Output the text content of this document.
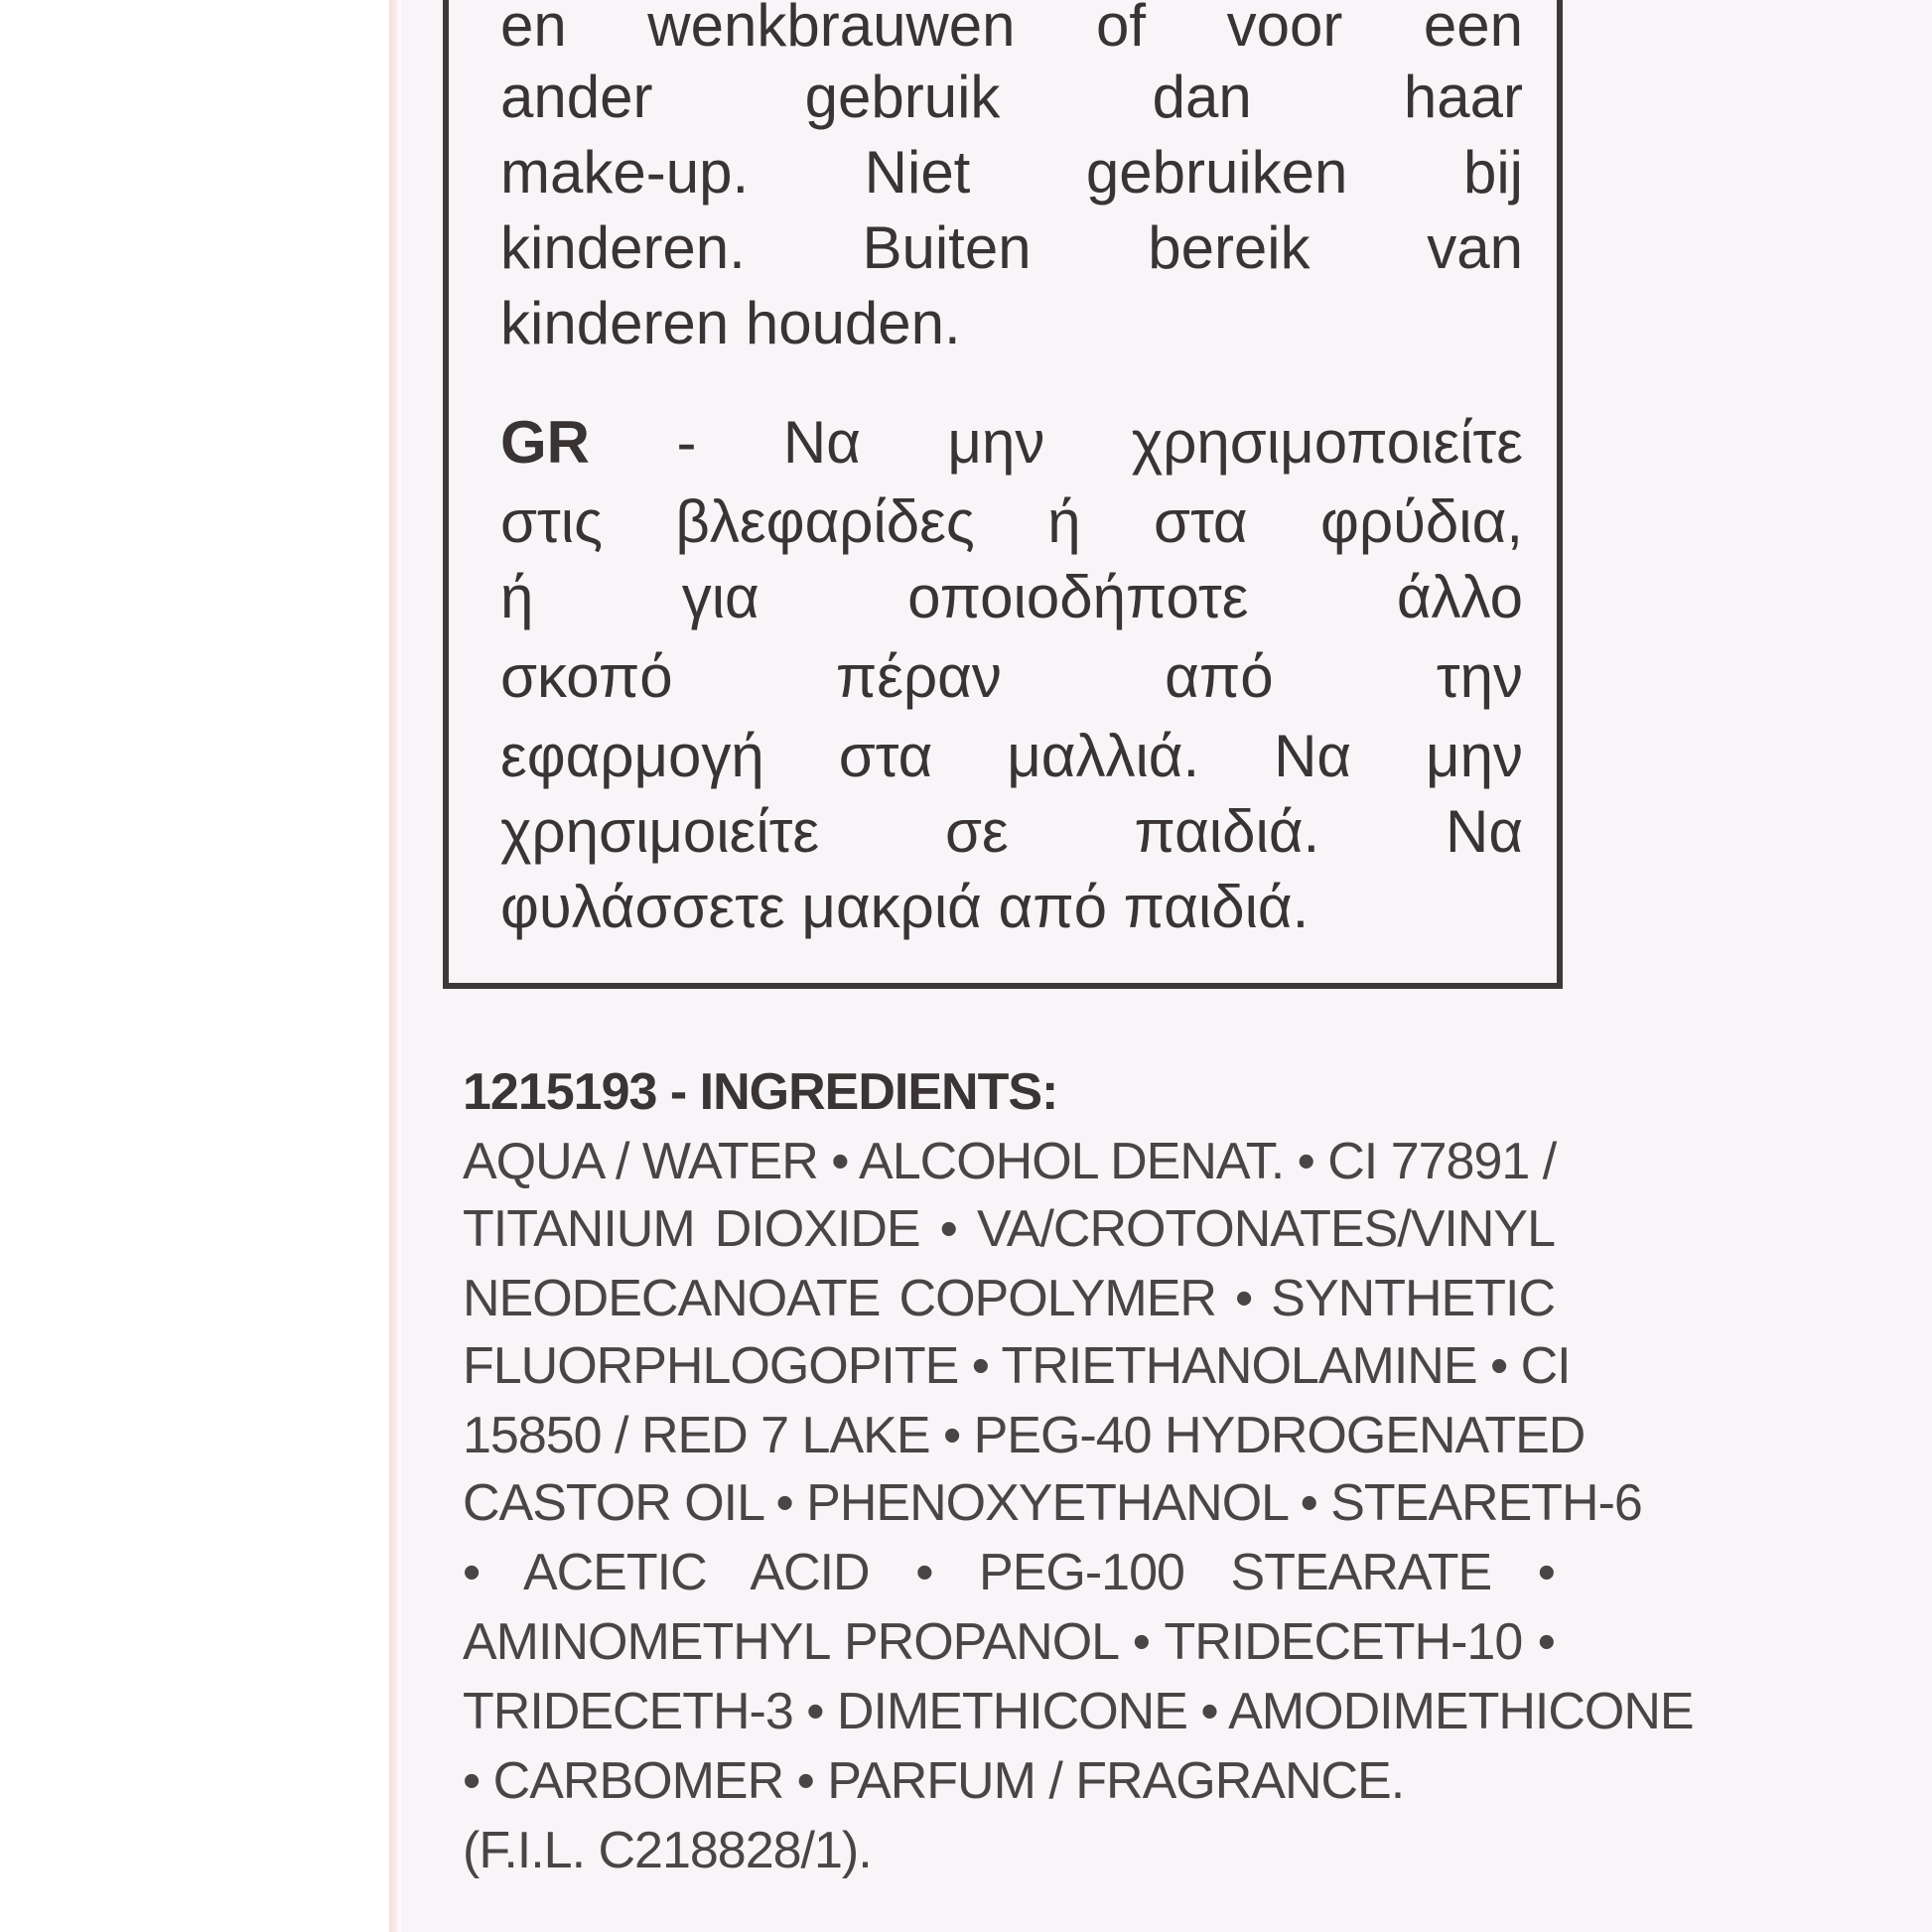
en wenkbrauwen of voor een

ander gebruik dan haar

make-up. Niet gebruiken bij

kinderen. Buiten bereik van

kinderen houden.

GR - Να μην χρησιμοποιείτε

στις βλεφαρίδες ή στα φρύδια,

ή για οποιοδήποτε άλλο

σκοπό πέραν από την

εφαρμογή στα μαλλιά. Να μην

χρησιμοιείτε σε παιδιά. Να

φυλάσσετε μακριά από παιδιά.

1215193 - INGREDIENTS:

AQUA / WATER • ALCOHOL DENAT. • CI 77891 /

TITANIUM DIOXIDE • VA/CROTONATES/VINYL

NEODECANOATE COPOLYMER • SYNTHETIC

FLUORPHLOGOPITE • TRIETHANOLAMINE • CI

15850 / RED 7 LAKE • PEG-40 HYDROGENATED

CASTOR OIL • PHENOXYETHANOL • STEARETH-6

• ACETIC ACID • PEG-100 STEARATE •

AMINOMETHYL PROPANOL • TRIDECETH-10 •

TRIDECETH-3 • DIMETHICONE • AMODIMETHICONE

• CARBOMER • PARFUM / FRAGRANCE.

(F.I.L. C218828/1).
